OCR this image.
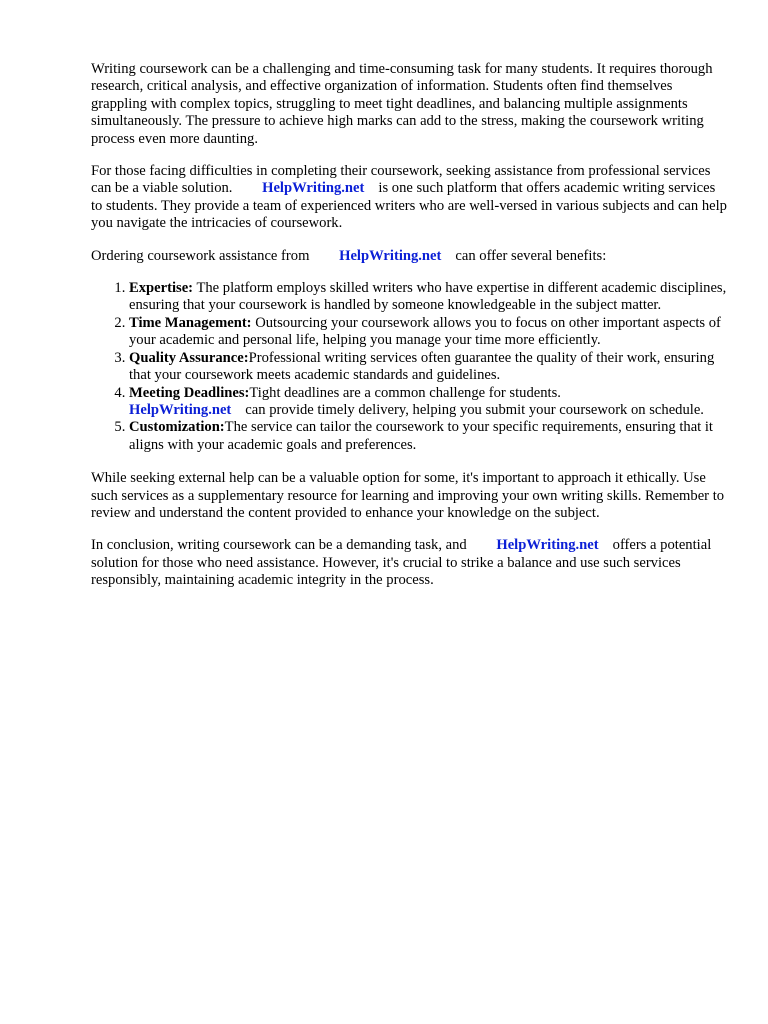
Writing coursework can be a challenging and time-consuming task for many students. It requires thorough research, critical analysis, and effective organization of information. Students often find themselves grappling with complex topics, struggling to meet tight deadlines, and balancing multiple assignments simultaneously. The pressure to achieve high marks can add to the stress, making the coursework writing process even more daunting.

For those facing difficulties in completing their coursework, seeking assistance from professional services can be a viable solution. HelpWriting.net is one such platform that offers academic writing services to students. They provide a team of experienced writers who are well-versed in various subjects and can help you navigate the intricacies of coursework.

Ordering coursework assistance from HelpWriting.net can offer several benefits:

1. Expertise: The platform employs skilled writers who have expertise in different academic disciplines, ensuring that your coursework is handled by someone knowledgeable in the subject matter.
2. Time Management: Outsourcing your coursework allows you to focus on other important aspects of your academic and personal life, helping you manage your time more efficiently.
3. Quality Assurance:Professional writing services often guarantee the quality of their work, ensuring that your coursework meets academic standards and guidelines.
4. Meeting Deadlines:Tight deadlines are a common challenge for students.
HelpWriting.net can provide timely delivery, helping you submit your coursework on schedule.
5. Customization:The service can tailor the coursework to your specific requirements, ensuring that it aligns with your academic goals and preferences.

While seeking external help can be a valuable option for some, it's important to approach it ethically. Use such services as a supplementary resource for learning and improving your own writing skills. Remember to review and understand the content provided to enhance your knowledge on the subject.

In conclusion, writing coursework can be a demanding task, and HelpWriting.net offers a potential solution for those who need assistance. However, it's crucial to strike a balance and use such services responsibly, maintaining academic integrity in the process.
